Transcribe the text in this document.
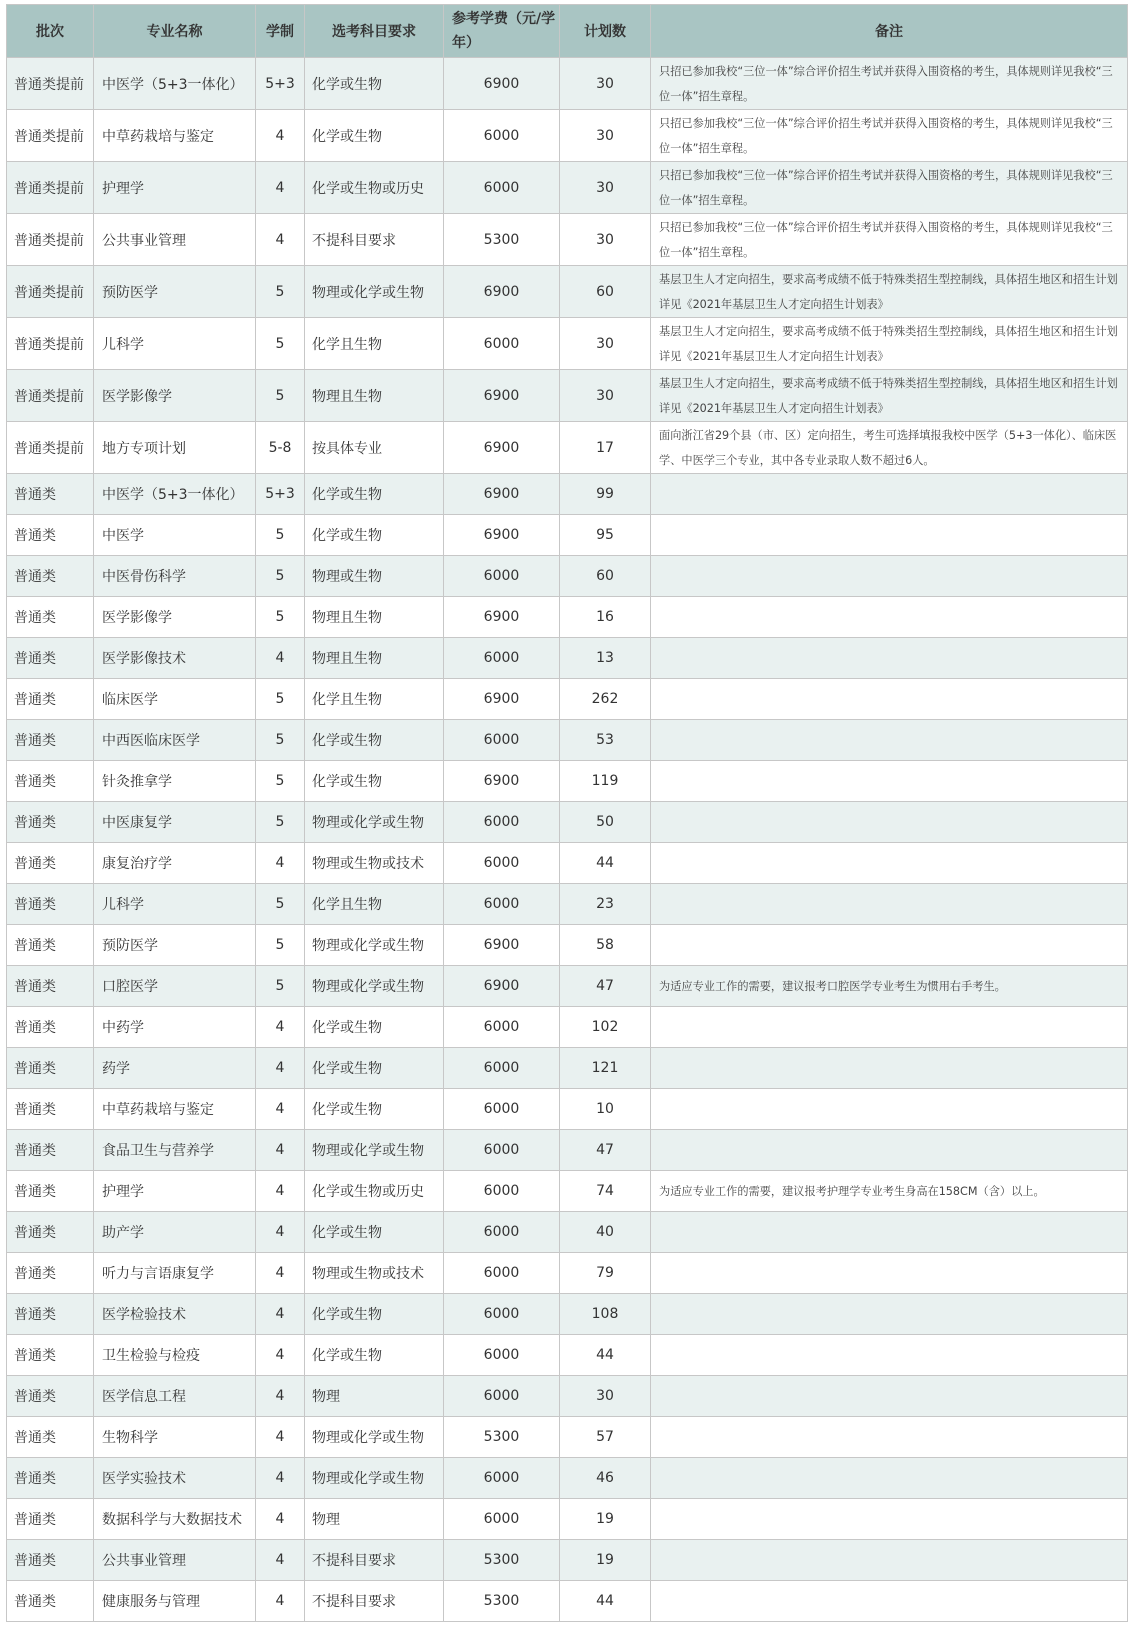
批次	专业名称	学制	选考科目要求	参考学费（元/学年）	计划数	备注
普通类提前	中医学（5+3一体化）	5+3	化学或生物	6900	30	只招已参加我校“三位一体”综合评价招生考试并获得入围资格的考生，具体规则详见我校“三位一体”招生章程。
普通类提前	中草药栽培与鉴定	4	化学或生物	6000	30	只招已参加我校“三位一体”综合评价招生考试并获得入围资格的考生，具体规则详见我校“三位一体”招生章程。
普通类提前	护理学	4	化学或生物或历史	6000	30	只招已参加我校“三位一体”综合评价招生考试并获得入围资格的考生，具体规则详见我校“三位一体”招生章程。
普通类提前	公共事业管理	4	不提科目要求	5300	30	只招已参加我校“三位一体”综合评价招生考试并获得入围资格的考生，具体规则详见我校“三位一体”招生章程。
普通类提前	预防医学	5	物理或化学或生物	6900	60	基层卫生人才定向招生，要求高考成绩不低于特殊类招生型控制线，具体招生地区和招生计划详见《2021年基层卫生人才定向招生计划表》
普通类提前	儿科学	5	化学且生物	6000	30	基层卫生人才定向招生，要求高考成绩不低于特殊类招生型控制线，具体招生地区和招生计划详见《2021年基层卫生人才定向招生计划表》
普通类提前	医学影像学	5	物理且生物	6900	30	基层卫生人才定向招生，要求高考成绩不低于特殊类招生型控制线，具体招生地区和招生计划详见《2021年基层卫生人才定向招生计划表》
普通类提前	地方专项计划	5-8	按具体专业	6900	17	面向浙江省29个县（市、区）定向招生，考生可选择填报我校中医学（5+3一体化）、临床医学、中医学三个专业，其中各专业录取人数不超过6人。
普通类	中医学（5+3一体化）	5+3	化学或生物	6900	99	
普通类	中医学	5	化学或生物	6900	95	
普通类	中医骨伤科学	5	物理或生物	6000	60	
普通类	医学影像学	5	物理且生物	6900	16	
普通类	医学影像技术	4	物理且生物	6000	13	
普通类	临床医学	5	化学且生物	6900	262	
普通类	中西医临床医学	5	化学或生物	6000	53	
普通类	针灸推拿学	5	化学或生物	6900	119	
普通类	中医康复学	5	物理或化学或生物	6000	50	
普通类	康复治疗学	4	物理或生物或技术	6000	44	
普通类	儿科学	5	化学且生物	6000	23	
普通类	预防医学	5	物理或化学或生物	6900	58	
普通类	口腔医学	5	物理或化学或生物	6900	47	为适应专业工作的需要，建议报考口腔医学专业考生为惯用右手考生。
普通类	中药学	4	化学或生物	6000	102	
普通类	药学	4	化学或生物	6000	121	
普通类	中草药栽培与鉴定	4	化学或生物	6000	10	
普通类	食品卫生与营养学	4	物理或化学或生物	6000	47	
普通类	护理学	4	化学或生物或历史	6000	74	为适应专业工作的需要，建议报考护理学专业考生身高在158CM（含）以上。
普通类	助产学	4	化学或生物	6000	40	
普通类	听力与言语康复学	4	物理或生物或技术	6000	79	
普通类	医学检验技术	4	化学或生物	6000	108	
普通类	卫生检验与检疫	4	化学或生物	6000	44	
普通类	医学信息工程	4	物理	6000	30	
普通类	生物科学	4	物理或化学或生物	5300	57	
普通类	医学实验技术	4	物理或化学或生物	6000	46	
普通类	数据科学与大数据技术	4	物理	6000	19	
普通类	公共事业管理	4	不提科目要求	5300	19	
普通类	健康服务与管理	4	不提科目要求	5300	44	
